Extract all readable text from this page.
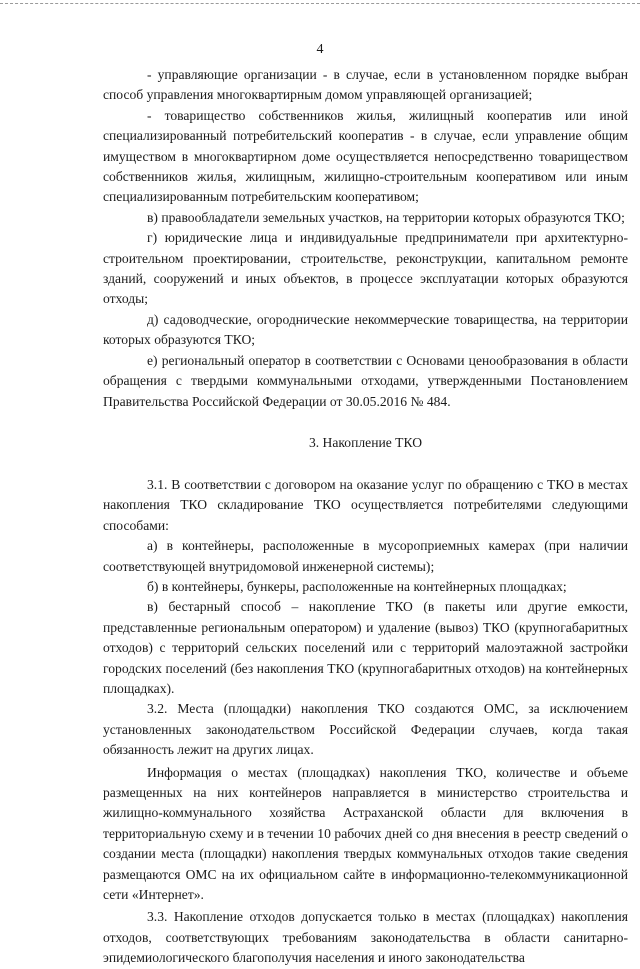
4

- управляющие организации - в случае, если в установленном порядке выбран способ управления многоквартирным домом управляющей организацией;

- товарищество собственников жилья, жилищный кооператив или иной специализированный потребительский кооператив - в случае, если управление общим имуществом в многоквартирном доме осуществляется непосредственно товариществом собственников жилья, жилищным, жилищно-строительным кооперативом или иным специализированным потребительским кооперативом;

в) правообладатели земельных участков, на территории которых образуются ТКО;

г) юридические лица и индивидуальные предприниматели при архитектурно-строительном проектировании, строительстве, реконструкции, капитальном ремонте зданий, сооружений и иных объектов, в процессе эксплуатации которых образуются отходы;

д) садоводческие, огороднические некоммерческие товарищества, на территории которых образуются ТКО;

е) региональный оператор в соответствии с Основами ценообразования в области обращения с твердыми коммунальными отходами, утвержденными Постановлением Правительства Российской Федерации от 30.05.2016 № 484.

3. Накопление ТКО

3.1. В соответствии с договором на оказание услуг по обращению с ТКО в местах накопления ТКО складирование ТКО осуществляется потребителями следующими способами:

а) в контейнеры, расположенные в мусороприемных камерах (при наличии соответствующей внутридомовой инженерной системы);

б) в контейнеры, бункеры, расположенные на контейнерных площадках;

в) бестарный способ – накопление ТКО (в пакеты или другие емкости, представленные региональным оператором) и удаление (вывоз) ТКО (крупногабаритных отходов) с территорий сельских поселений или с территорий малоэтажной застройки городских поселений (без накопления ТКО (крупногабаритных отходов) на контейнерных площадках).

3.2. Места (площадки) накопления ТКО создаются ОМС, за исключением установленных законодательством Российской Федерации случаев, когда такая обязанность лежит на других лицах.

Информация о местах (площадках) накопления ТКО, количестве и объеме размещенных на них контейнеров направляется в министерство строительства и жилищно-коммунального хозяйства Астраханской области для включения в территориальную схему и в течении 10 рабочих дней со дня внесения в реестр сведений о создании места (площадки) накопления твердых коммунальных отходов такие сведения размещаются ОМС на их официальном сайте в информационно-телекоммуникационной сети «Интернет».

3.3. Накопление отходов допускается только в местах (площадках) накопления отходов, соответствующих требованиям законодательства в области санитарно-эпидемиологического благополучия населения и иного законодательства
